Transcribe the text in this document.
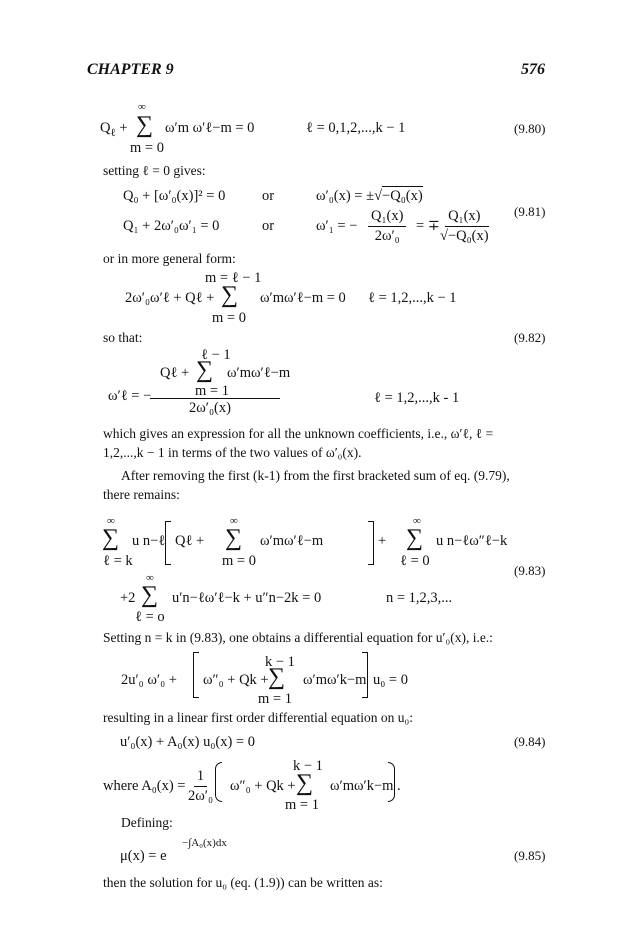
CHAPTER 9	576
∞
$Q_\ell$ + ∑ ω′m ω′ℓ−m = 0
m = 0
ℓ = 0,1,2,...,k − 1	(9.80)
setting ℓ = 0 gives:
Q₀ + [ω′₀(x)]² = 0	or	ω′₀(x) = ±√−Q₀(x)
Q₁ + 2ω′₀ω′₁ = 0	or	ω′₁ = − $\frac{\text{Q₁(x)}}{\text{2ω′₀}}$ = ∓ $\frac{\text{Q₁(x)}}{\text{√−Q₀(x)}} (9.81)$
or in more general form:
m = ℓ − 1
2ω′₀ω′ℓ + Qℓ + ∑ ω′mω′ℓ−m = 0
m = 0
ℓ = 1,2,...,k − 1
so that:	(9.82)
ℓ − 1
Qℓ + ∑ ω′mω′ℓ−m
m = 1
ω′ℓ = −
2ω′₀(x)
ℓ = 1,2,...,k - 1
which gives an expression for all the unknown coefficients, i.e., ω′ℓ, ℓ = 1,2,...,k − 1 in terms of the two values of ω′₀(x).
After removing the first (k-1) from the first bracketed sum of eq. (9.79), there remains:
∞	∞	∞
∑ u n−ℓ Qℓ + ∑ ω′mω′ℓ−m	+ ∑ u n−ℓω″ℓ−k
ℓ = k	m = 0	ℓ = 0
∞
+2 ∑ u′n−ℓω′ℓ−k + u″n−2k = 0
ℓ = o
n = 1,2,3,...
(9.83)
Setting n = k in (9.83), one obtains a differential equation for u′₀(x), i.e.:
k − 1
2u′₀ ω′₀ + ω″₀ + Qk + ∑ ω′mω′k−m u₀ = 0
m = 1
resulting in a linear first order differential equation on u₀:
u′₀(x) + A₀(x) u₀(x) = 0	(9.84)
k − 1
where $A_0(x) = \frac{1}{\text{2ω′₀}} \omega''_0 + Qk$ + ∑ ω′mω′k−m .
m = 1
Defining:
−∫A₀(x)dx
μ(x) = e	(9.85)
then the solution for u₀ (eq. (1.9)) can be written as:
